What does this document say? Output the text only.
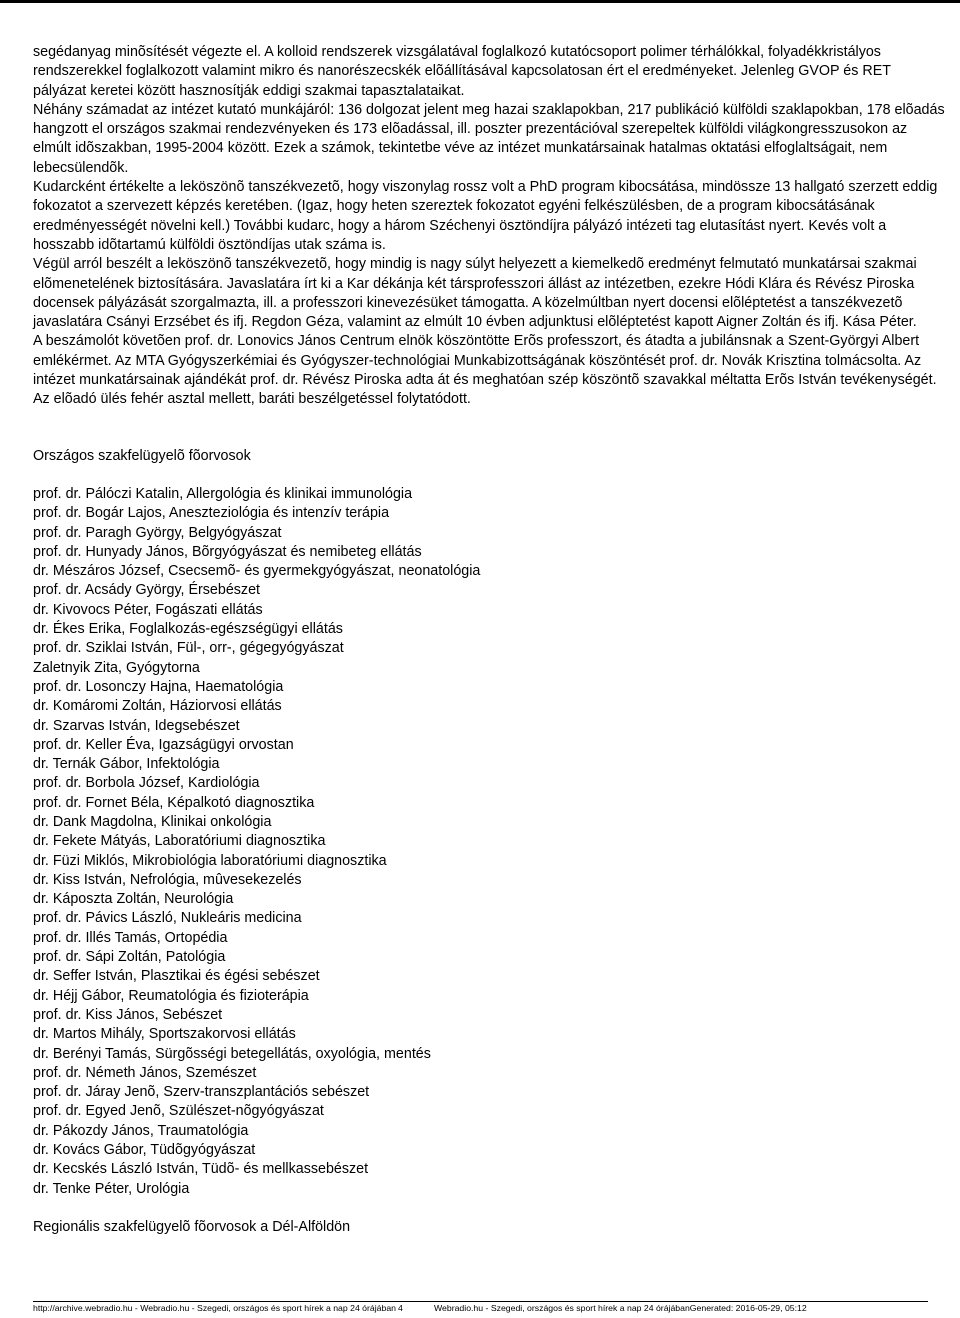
segédanyag minõsítését végezte el. A kolloid rendszerek vizsgálatával foglalkozó kutatócsoport polimer térhálókkal, folyadékkristályos rendszerekkel foglalkozott valamint mikro és nanorészecskék elõállításával kapcsolatosan ért el eredményeket. Jelenleg GVOP és RET pályázat keretei között hasznosítják eddigi szakmai tapasztalataikat.

Néhány számadat az intézet kutató munkájáról: 136 dolgozat jelent meg hazai szaklapokban, 217 publikáció külföldi szaklapokban, 178 elõadás hangzott el országos szakmai rendezvényeken és 173 elõadással, ill. poszter prezentációval szerepeltek külföldi világkongresszusokon az elmúlt idõszakban, 1995-2004 között. Ezek a számok, tekintetbe véve az intézet munkatársainak hatalmas oktatási elfoglaltságait, nem lebecsülendõk.

Kudarcként értékelte a leköszönõ tanszékvezetõ, hogy viszonylag rossz volt a PhD program kibocsátása, mindössze 13 hallgató szerzett eddig fokozatot a szervezett képzés keretében. (Igaz, hogy heten szereztek fokozatot egyéni felkészülésben, de a program kibocsátásának eredményességét növelni kell.) További kudarc, hogy a három Széchenyi ösztöndíjra pályázó intézeti tag elutasítást nyert. Kevés volt a hosszabb idõtartamú külföldi ösztöndíjas utak száma is.

Végül arról beszélt a leköszönõ tanszékvezetõ, hogy mindig is nagy súlyt helyezett a kiemelkedõ eredményt felmutató munkatársai szakmai elõmenetelének biztosítására. Javaslatára írt ki a Kar dékánja két társprofesszori állást az intézetben, ezekre Hódi Klára és Révész Piroska docensek pályázását szorgalmazta, ill. a professzori kinevezésüket támogatta. A közelmúltban nyert docensi elõléptetést a tanszékvezetõ javaslatára Csányi Erzsébet és ifj. Regdon Géza, valamint az elmúlt 10 évben adjunktusi elõléptetést kapott Aigner Zoltán és ifj. Kása Péter.

A beszámolót követõen prof. dr. Lonovics János Centrum elnök köszöntötte Erõs professzort, és átadta a jubilánsnak a Szent-Györgyi Albert emlékérmet. Az MTA Gyógyszerkémiai és Gyógyszer-technológiai Munkabizottságának köszöntését prof. dr. Novák Krisztina tolmácsolta. Az intézet munkatársainak ajándékát prof. dr. Révész Piroska adta át és meghatóan szép köszöntõ szavakkal méltatta Erõs István tevékenységét.

Az elõadó ülés fehér asztal mellett, baráti beszélgetéssel folytatódott.

Országos szakfelügyelõ fõorvosok

prof. dr. Pálóczi Katalin, Allergológia és klinikai immunológia
prof. dr. Bogár Lajos, Aneszteziológia és intenzív terápia
prof. dr. Paragh György, Belgyógyászat
prof. dr. Hunyady János, Bõrgyógyászat és nemibeteg ellátás
dr. Mészáros József, Csecsemõ- és gyermekgyógyászat, neonatológia
prof. dr. Acsády György, Érsebészet
dr. Kivovocs Péter, Fogászati ellátás
dr. Ékes Erika, Foglalkozás-egészségügyi ellátás
prof. dr. Sziklai István, Fül-, orr-, gégegyógyászat
Zaletnyik Zita, Gyógytorna
prof. dr. Losonczy Hajna, Haematológia
dr. Komáromi Zoltán, Háziorvosi ellátás
dr. Szarvas István, Idegsebészet
prof. dr. Keller Éva, Igazságügyi orvostan
dr. Ternák Gábor, Infektológia
prof. dr. Borbola József, Kardiológia
prof. dr. Fornet Béla, Képalkotó diagnosztika
dr. Dank Magdolna, Klinikai onkológia
dr. Fekete Mátyás, Laboratóriumi diagnosztika
dr. Füzi Miklós, Mikrobiológia laboratóriumi diagnosztika
dr. Kiss István, Nefrológia, mûvesekezelés
dr. Káposzta Zoltán, Neurológia
prof. dr. Pávics László, Nukleáris medicina
prof. dr. Illés Tamás, Ortopédia
prof. dr. Sápi Zoltán, Patológia
dr. Seffer István, Plasztikai és égési sebészet
dr. Héjj Gábor, Reumatológia és fizioterápia
prof. dr. Kiss János, Sebészet
dr. Martos Mihály, Sportszakorvosi ellátás
dr. Berényi Tamás, Sürgõsségi betegellátás, oxyológia, mentés
prof. dr. Németh János, Szemészet
prof. dr. Járay Jenõ, Szerv-transzplantációs sebészet
prof. dr. Egyed Jenõ, Szülészet-nõgyógyászat
dr. Pákozdy János, Traumatológia
dr. Kovács Gábor, Tüdõgyógyászat
dr. Kecskés László István, Tüdõ- és mellkassebészet
dr. Tenke Péter, Urológia

Regionális szakfelügyelõ fõorvosok a Dél-Alföldön

http://archive.webradio.hu - Webradio.hu - Szegedi, országos és sport hírek a nap 24 órájában	Webradio.hu - Szegedi, országos és sport hírek a nap 24 órájábanGenerated: 2016-05-29, 05:12
4
